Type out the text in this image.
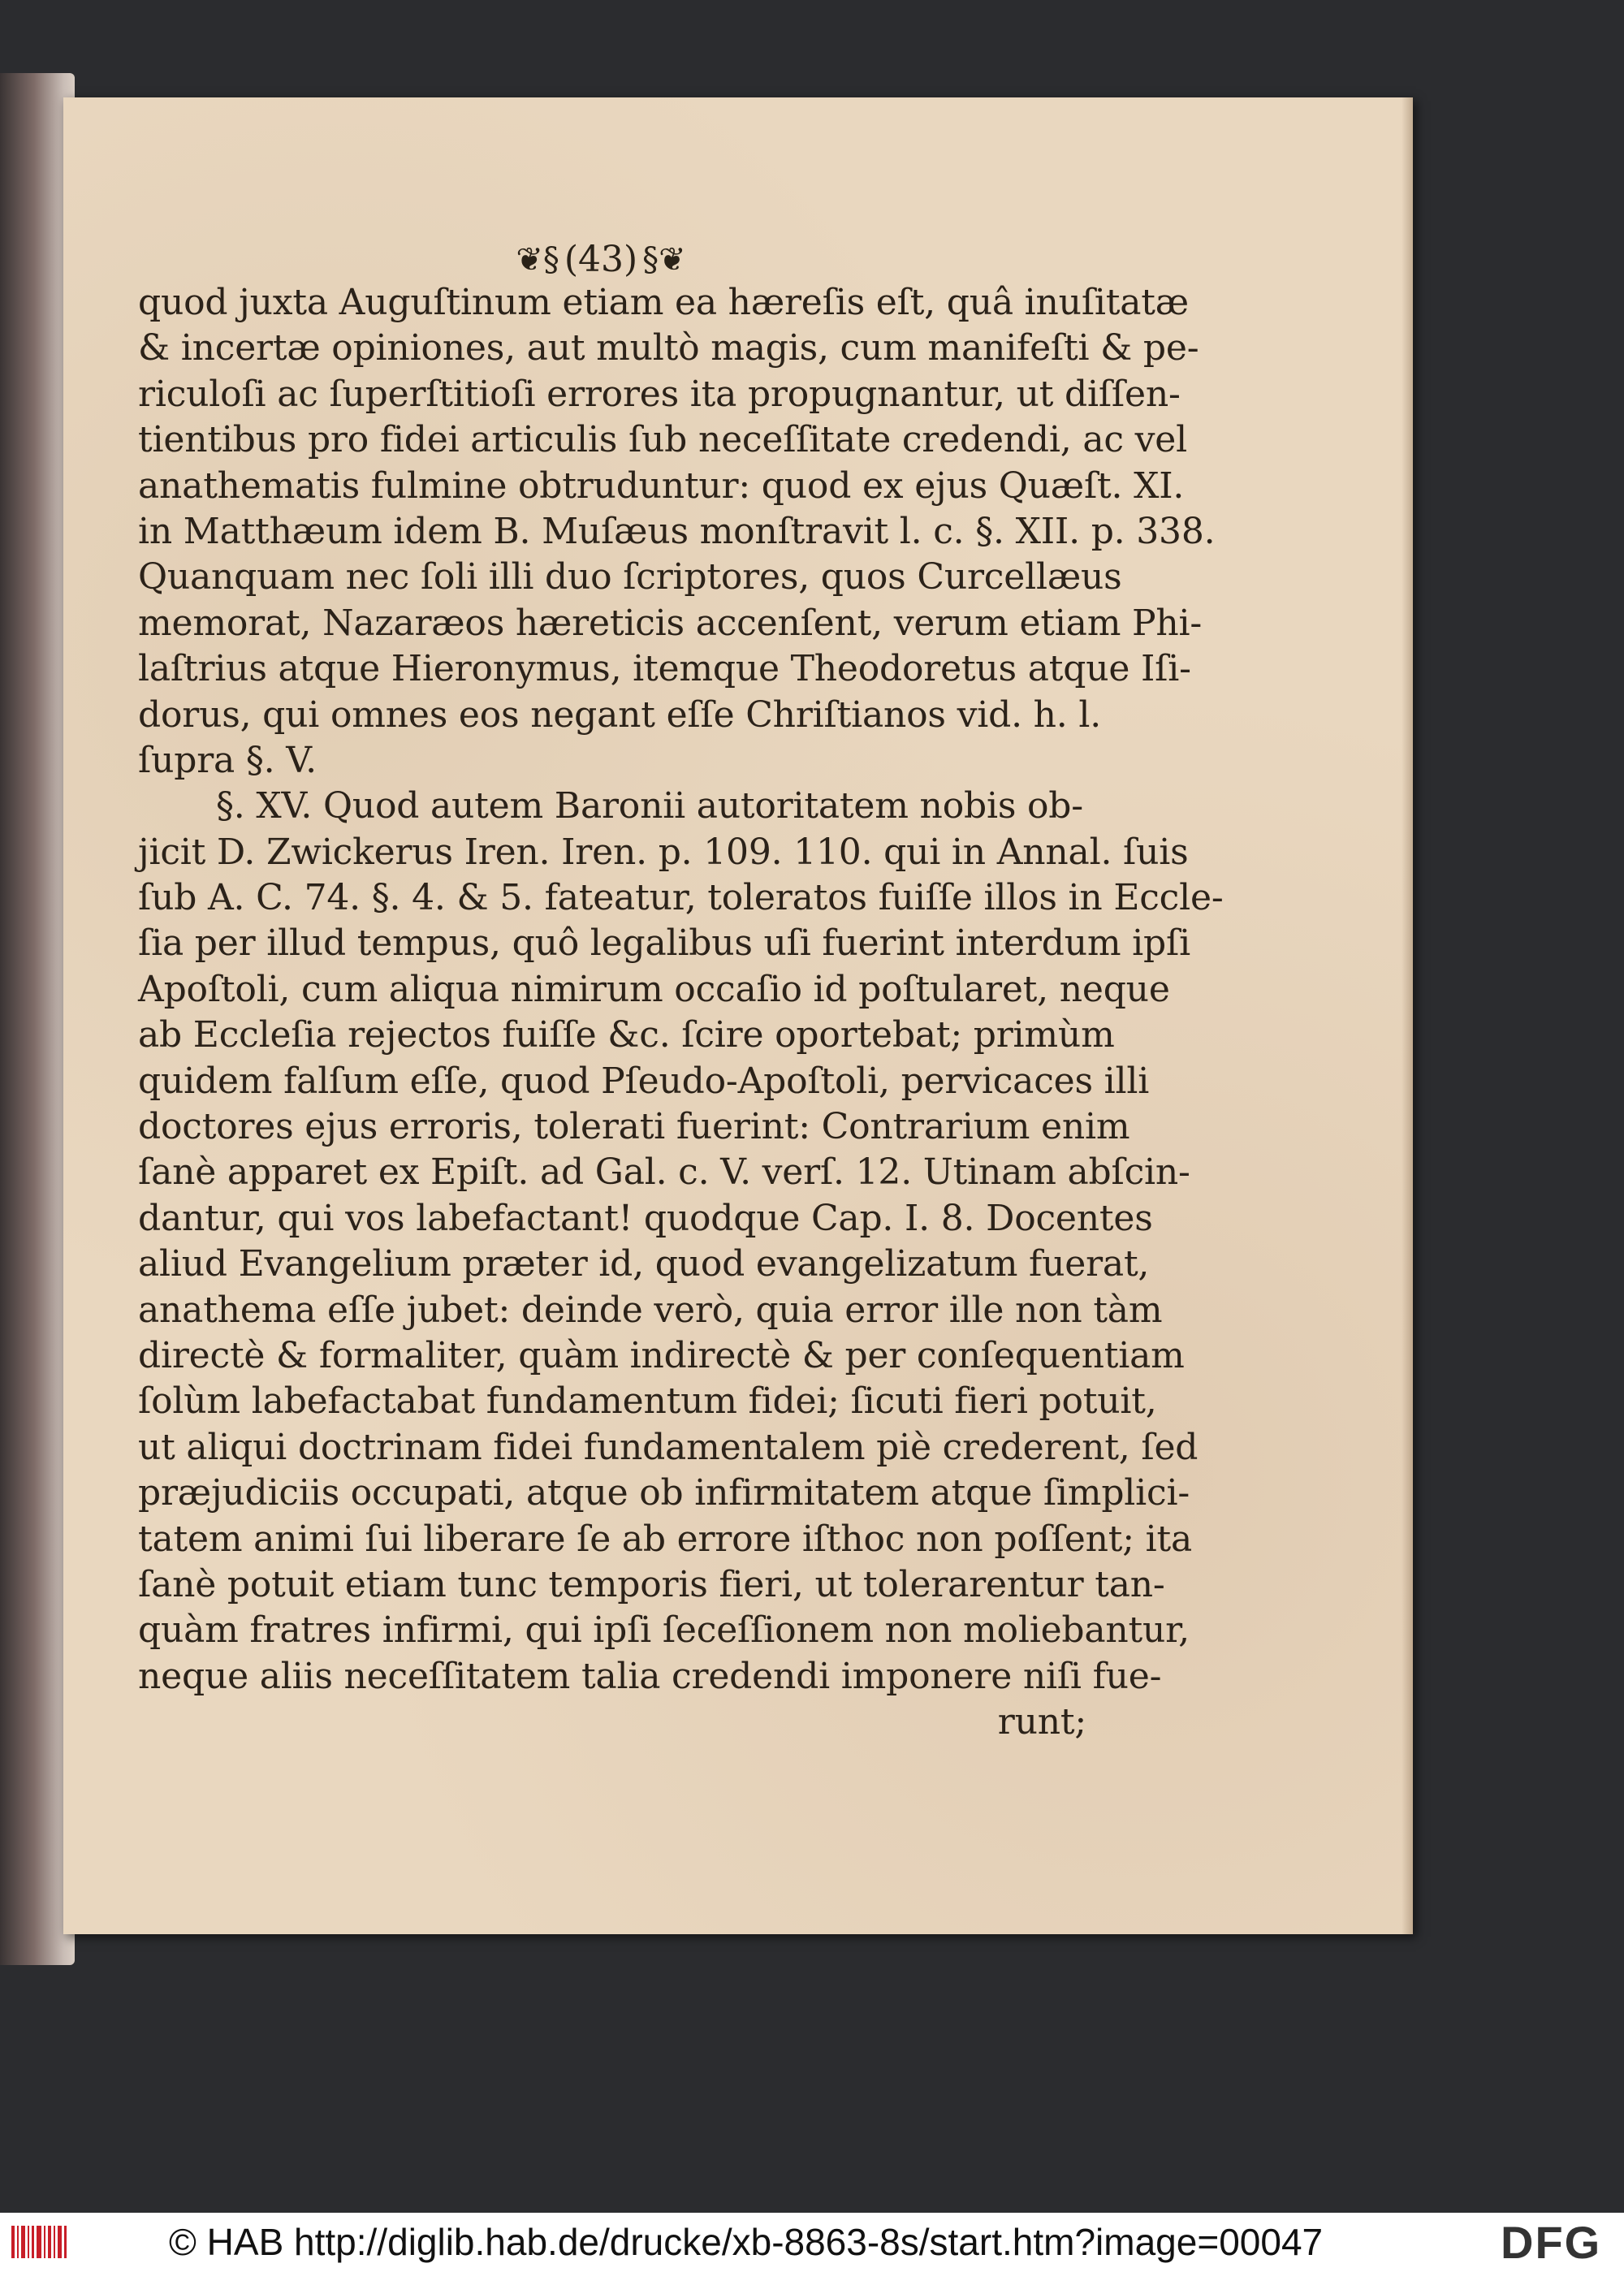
❦§ (43) §❦
quod juxta Auguſtinum etiam ea hæreſis eſt, quâ inuſitatæ
& incertæ opiniones, aut multò magis, cum manifeſti & pe-
riculoſi ac ſuperſtitioſi errores ita propugnantur, ut diſſen-
tientibus pro fidei articulis ſub neceſſitate credendi, ac vel
anathematis fulmine obtruduntur: quod ex ejus Quæſt. XI.
in Matthæum idem B. Muſæus monſtravit l. c. §. XII. p. 338.
Quanquam nec ſoli illi duo ſcriptores, quos Curcellæus
memorat, Nazaræos hæreticis accenſent, verum etiam Phi-
laſtrius atque Hieronymus, itemque Theodoretus atque Iſi-
dorus, qui omnes eos negant eſſe Chriſtianos vid. h. l.
ſupra §. V.
§. XV. Quod autem Baronii autoritatem nobis ob-
jicit D. Zwickerus Iren. Iren. p. 109. 110. qui in Annal. ſuis
ſub A. C. 74. §. 4. & 5. fateatur, toleratos fuiſſe illos in Eccle-
ſia per illud tempus, quô legalibus uſi fuerint interdum ipſi
Apoſtoli, cum aliqua nimirum occaſio id poſtularet, neque
ab Eccleſia rejectos fuiſſe &c. ſcire oportebat; primùm
quidem falſum eſſe, quod Pſeudo-Apoſtoli, pervicaces illi
doctores ejus erroris, tolerati fuerint: Contrarium enim
ſanè apparet ex Epiſt. ad Gal. c. V. verſ. 12. Utinam abſcin-
dantur, qui vos labefactant! quodque Cap. I. 8. Docentes
aliud Evangelium præter id, quod evangelizatum fuerat,
anathema eſſe jubet: deinde verò, quia error ille non tàm
directè & formaliter, quàm indirectè & per conſequentiam
ſolùm labefactabat fundamentum fidei; ſicuti fieri potuit,
ut aliqui doctrinam fidei fundamentalem piè crederent, ſed
præjudiciis occupati, atque ob infirmitatem atque ſimplici-
tatem animi ſui liberare ſe ab errore iſthoc non poſſent; ita
ſanè potuit etiam tunc temporis fieri, ut tolerarentur tan-
quàm fratres infirmi, qui ipſi ſeceſſionem non moliebantur,
neque aliis neceſſitatem talia credendi imponere niſi fue-
runt;
© HAB http://diglib.hab.de/drucke/xb-8863-8s/start.htm?image=00047	DFG
